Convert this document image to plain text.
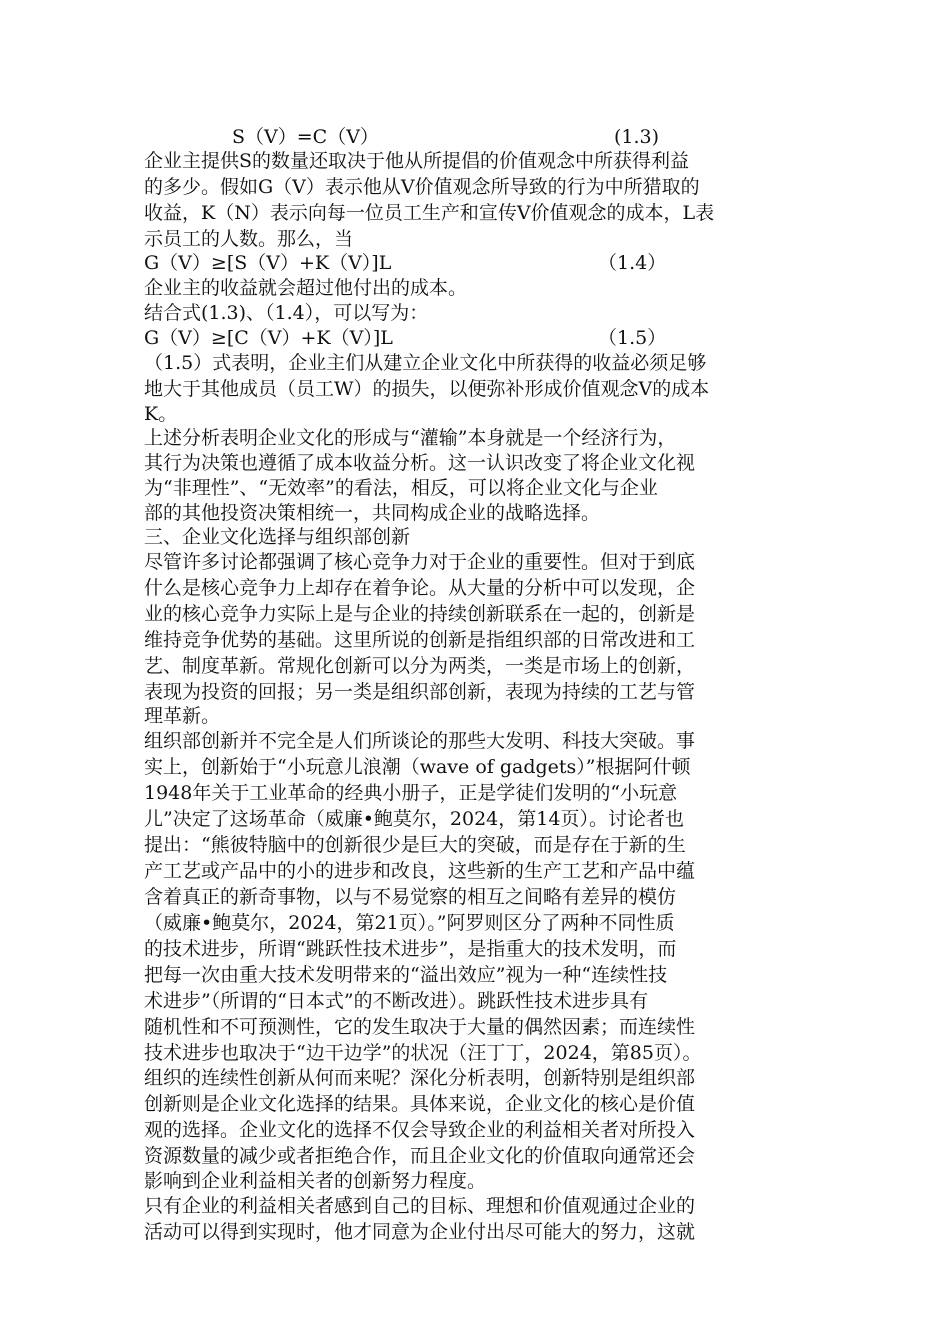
S（V）=C（V）	(1.3)
企业主提供S的数量还取决于他从所提倡的价值观念中所获得利益
的多少。假如G（V）表示他从V价值观念所导致的行为中所猎取的
收益，K（N）表示向每一位员工生产和宣传V价值观念的成本，L表
示员工的人数。那么，当
G（V）≥[S（V）+K（V）]L	（1.4）
企业主的收益就会超过他付出的成本。
结合式(1.3)、（1.4），可以写为：
G（V）≥[C（V）+K（V）]L	（1.5）
（1.5）式表明，企业主们从建立企业文化中所获得的收益必须足够
地大于其他成员（员工W）的损失，以便弥补形成价值观念V的成本
K。
上述分析表明企业文化的形成与“灌输”本身就是一个经济行为，
其行为决策也遵循了成本收益分析。这一认识改变了将企业文化视
为“非理性”、“无效率”的看法，相反，可以将企业文化与企业
部的其他投资决策相统一，共同构成企业的战略选择。
三、企业文化选择与组织部创新
尽管许多讨论都强调了核心竞争力对于企业的重要性。但对于到底
什么是核心竞争力上却存在着争论。从大量的分析中可以发现，企
业的核心竞争力实际上是与企业的持续创新联系在一起的，创新是
维持竞争优势的基础。这里所说的创新是指组织部的日常改进和工
艺、制度革新。常规化创新可以分为两类，一类是市场上的创新，
表现为投资的回报；另一类是组织部创新，表现为持续的工艺与管
理革新。
组织部创新并不完全是人们所谈论的那些大发明、科技大突破。事
实上，创新始于“小玩意儿浪潮（wave of gadgets）”根据阿什顿
1948年关于工业革命的经典小册子，正是学徒们发明的“小玩意
儿”决定了这场革命（威廉•鲍莫尔，2024，第14页）。讨论者也
提出：“熊彼特脑中的创新很少是巨大的突破，而是存在于新的生
产工艺或产品中的小的进步和改良，这些新的生产工艺和产品中蕴
含着真正的新奇事物，以与不易觉察的相互之间略有差异的模仿
（威廉•鲍莫尔，2024，第21页）。”阿罗则区分了两种不同性质
的技术进步，所谓“跳跃性技术进步”，是指重大的技术发明，而
把每一次由重大技术发明带来的“溢出效应”视为一种“连续性技
术进步”（所谓的“日本式”的不断改进）。跳跃性技术进步具有
随机性和不可预测性，它的发生取决于大量的偶然因素；而连续性
技术进步也取决于“边干边学”的状况（汪丁丁，2024，第85页）。
组织的连续性创新从何而来呢？深化分析表明，创新特别是组织部
创新则是企业文化选择的结果。具体来说，企业文化的核心是价值
观的选择。企业文化的选择不仅会导致企业的利益相关者对所投入
资源数量的减少或者拒绝合作，而且企业文化的价值取向通常还会
影响到企业利益相关者的创新努力程度。
只有企业的利益相关者感到自己的目标、理想和价值观通过企业的
活动可以得到实现时，他才同意为企业付出尽可能大的努力，这就
